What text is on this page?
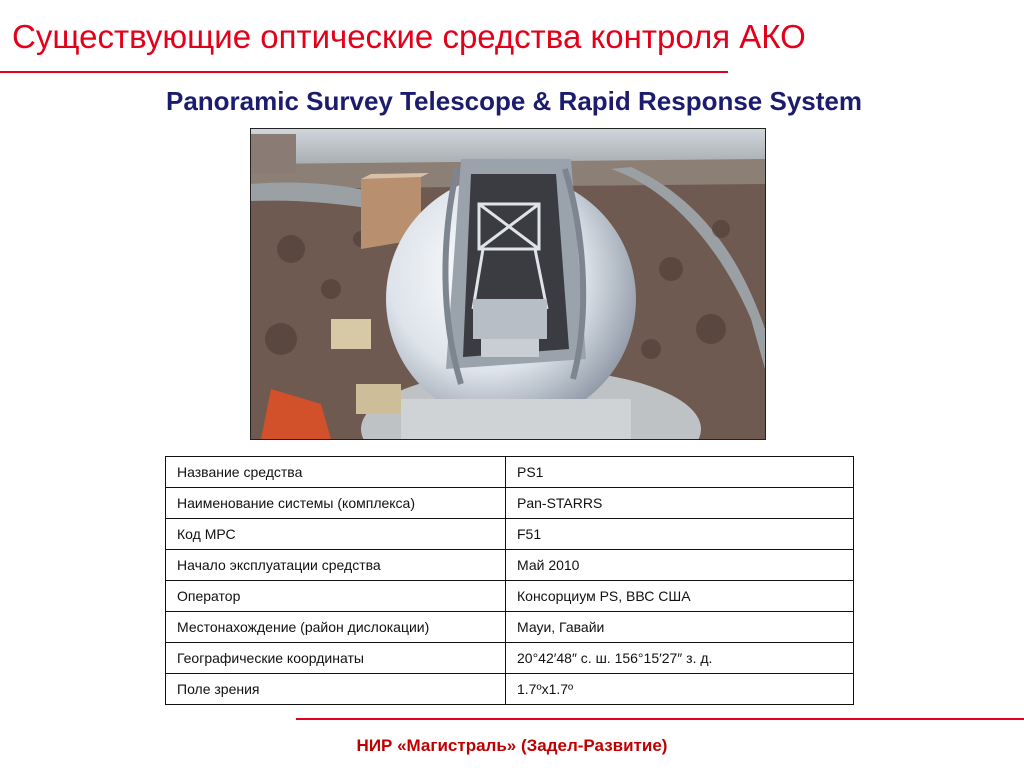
Существующие оптические средства контроля АКО
Panoramic Survey Telescope & Rapid Response System
Название средства	PS1
Наименование системы (комплекса)	Pan-STARRS
Код МРС	F51
Начало эксплуатации средства	Май 2010
Оператор	Консорциум PS, ВВС США
Местонахождение (район дислокации)	Мауи, Гавайи
Географические координаты	20°42′48″ с. ш. 156°15′27″ з. д.
Поле зрения	1.7ºx1.7º
НИР «Магистраль» (Задел-Развитие)
